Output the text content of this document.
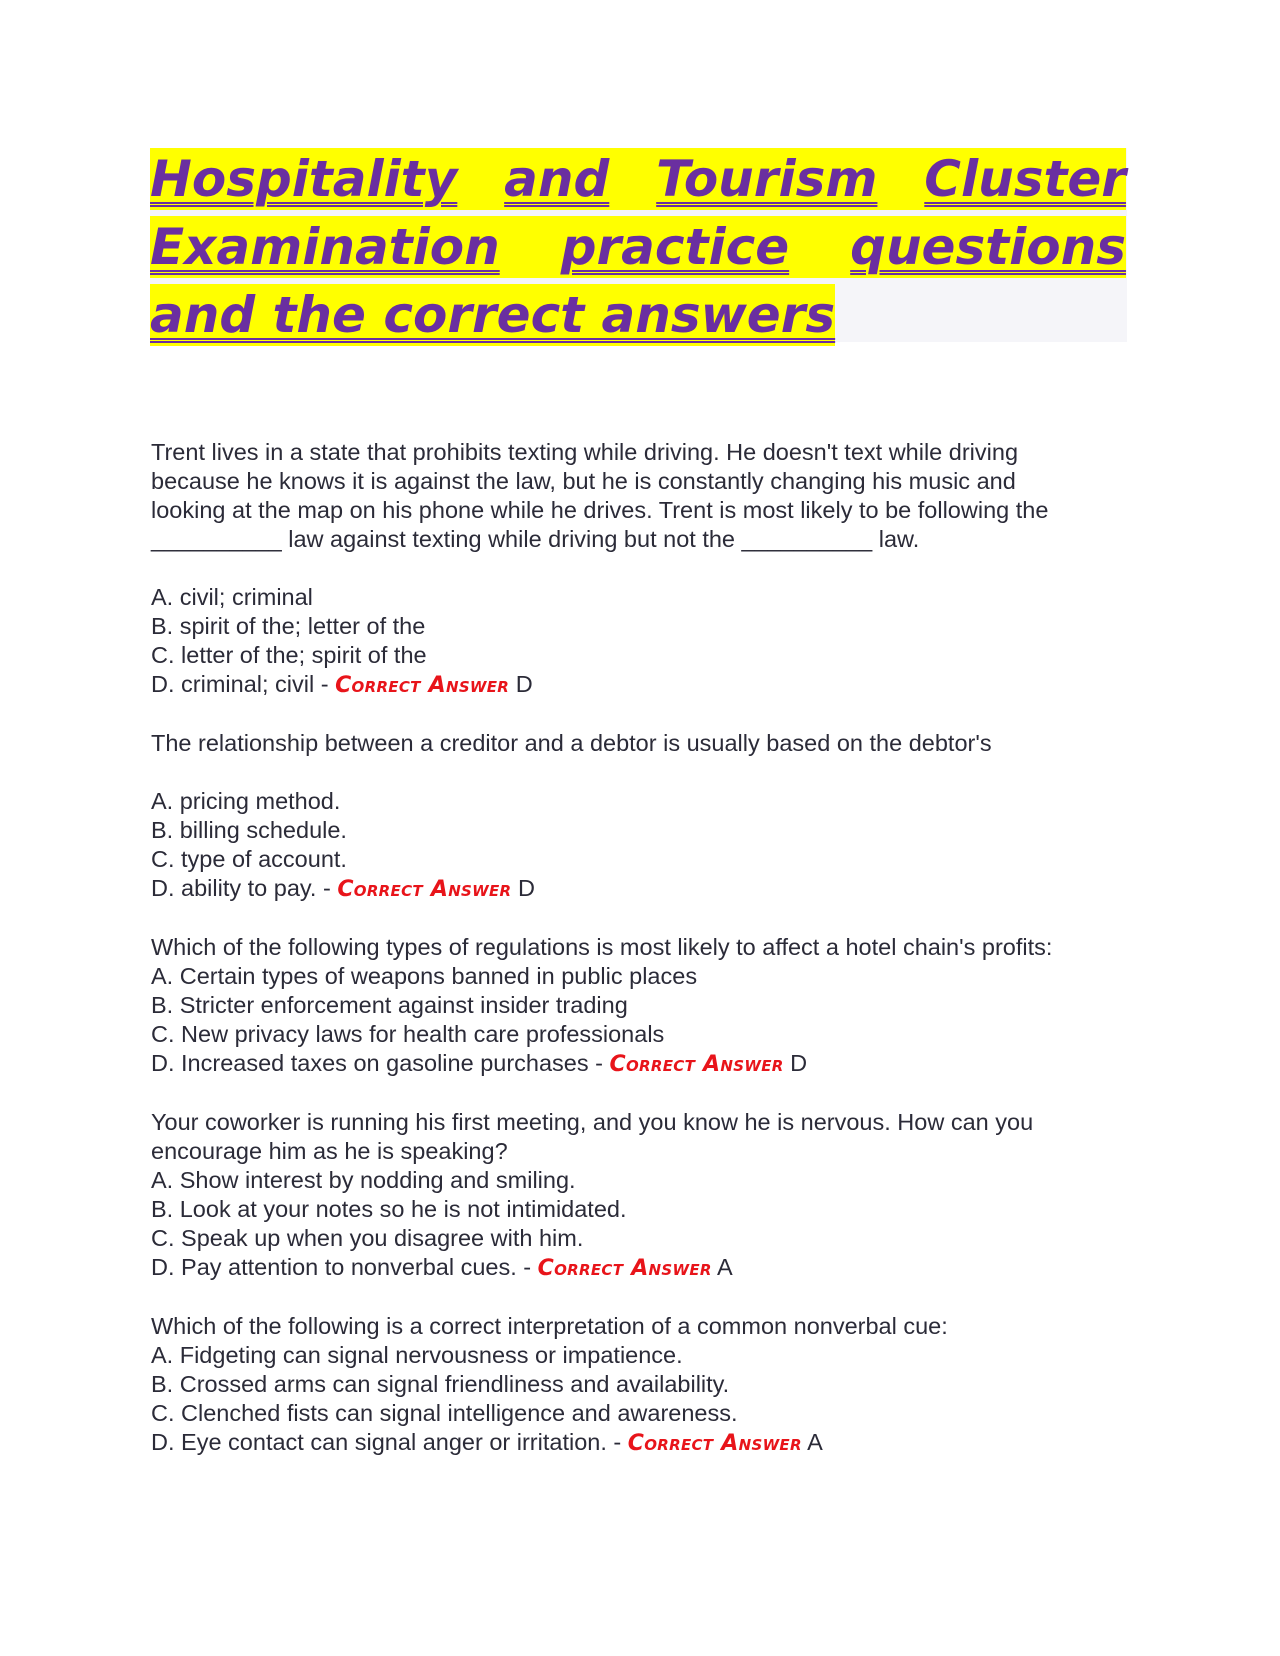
Hospitality and Tourism Cluster
Examination practice questions
and the correct answers
Trent lives in a state that prohibits texting while driving. He doesn't text while driving
because he knows it is against the law, but he is constantly changing his music and
looking at the map on his phone while he drives. Trent is most likely to be following the
__________ law against texting while driving but not the __________ law.
A. civil; criminal
B. spirit of the; letter of the
C. letter of the; spirit of the
D. criminal; civil - Correct Answer D
The relationship between a creditor and a debtor is usually based on the debtor's
A. pricing method.
B. billing schedule.
C. type of account.
D. ability to pay. - Correct Answer D
Which of the following types of regulations is most likely to affect a hotel chain's profits:
A. Certain types of weapons banned in public places
B. Stricter enforcement against insider trading
C. New privacy laws for health care professionals
D. Increased taxes on gasoline purchases - Correct Answer D
Your coworker is running his first meeting, and you know he is nervous. How can you
encourage him as he is speaking?
A. Show interest by nodding and smiling.
B. Look at your notes so he is not intimidated.
C. Speak up when you disagree with him.
D. Pay attention to nonverbal cues. - Correct Answer A
Which of the following is a correct interpretation of a common nonverbal cue:
A. Fidgeting can signal nervousness or impatience.
B. Crossed arms can signal friendliness and availability.
C. Clenched fists can signal intelligence and awareness.
D. Eye contact can signal anger or irritation. - Correct Answer A
